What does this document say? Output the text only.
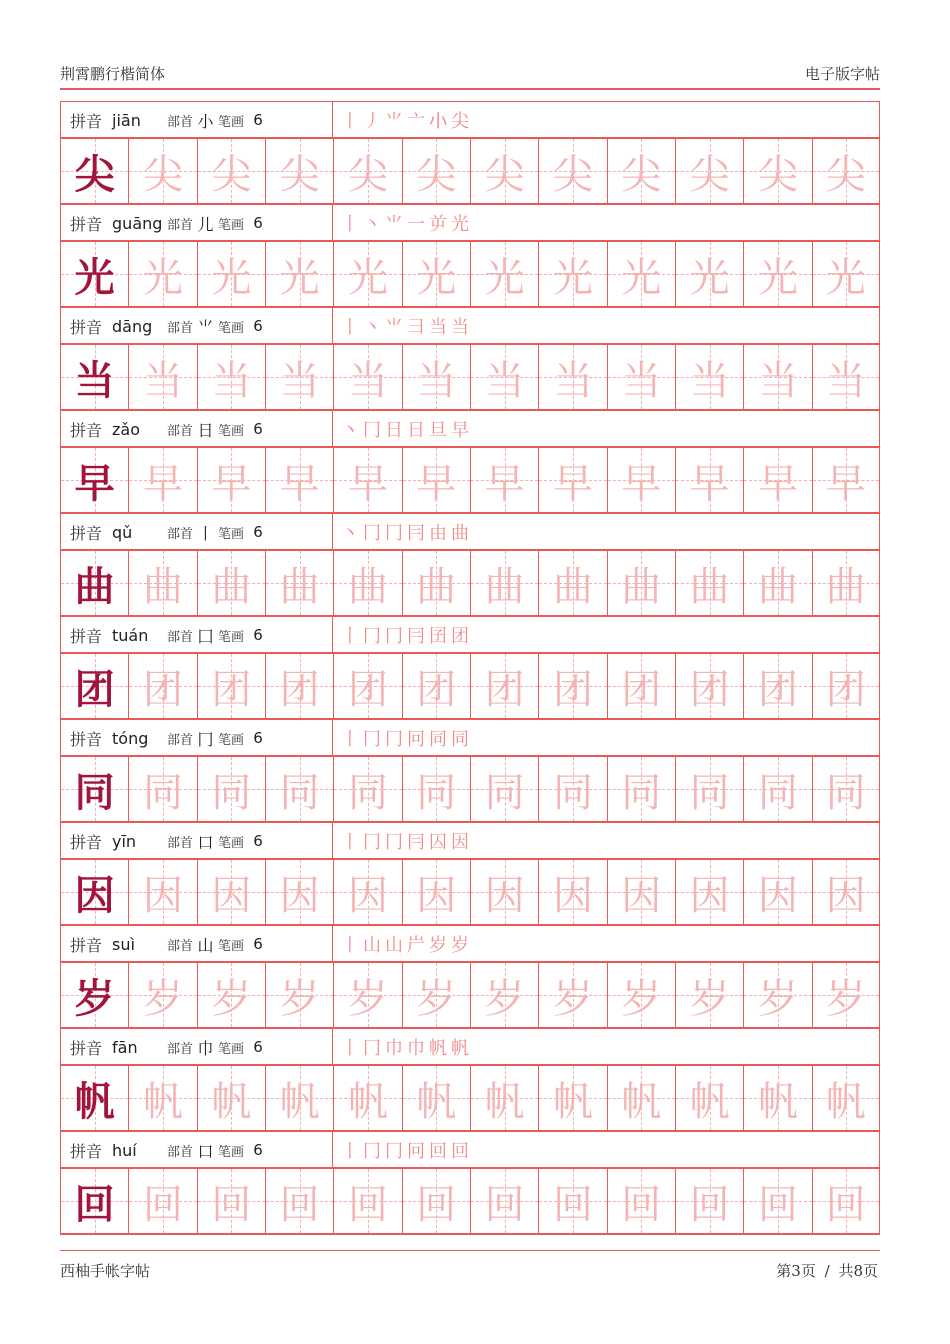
荆霄鹏行楷简体	电子版字帖
拼音 jiān	部首 小 笔画 6	丨丿⺌亠𡭔尖
尖 尖 尖 尖 尖 尖 尖 尖 尖 尖 尖 尖
拼音 guāng 部首 儿 笔画 6	丨丶⺌一屰光
光 光 光 光 光 光 光 光 光 光 光 光
拼音 dāng	部首 ⺌ 笔画 6	丨丶⺌彐当当
当 当 当 当 当 当 当 当 当 当 当 当
拼音 zǎo	部首 日 笔画 6	丶冂日日旦早
早 早 早 早 早 早 早 早 早 早 早 早
拼音 qǔ	部首 丨 笔画 6	丶冂冂冃由曲
曲 曲 曲 曲 曲 曲 曲 曲 曲 曲 曲 曲
拼音 tuán	部首 囗 笔画 6	丨冂冂冃囝团
团 团 团 团 团 团 团 团 团 团 团 团
拼音 tóng	部首 冂 笔画 6	丨冂冂冋同同
同 同 同 同 同 同 同 同 同 同 同 同
拼音 yīn	部首 口 笔画 6	丨冂冂冃囚因
因 因 因 因 因 因 因 因 因 因 因 因
拼音 suì	部首 山 笔画 6	丨山山屵岁岁
岁 岁 岁 岁 岁 岁 岁 岁 岁 岁 岁 岁
拼音 fān	部首 巾 笔画 6	丨冂巾巾帆帆
帆 帆 帆 帆 帆 帆 帆 帆 帆 帆 帆 帆
拼音 huí	部首 口 笔画 6	丨冂冂冋回回
回 回 回 回 回 回 回 回 回 回 回 回
西柚手帐字帖	第3页 / 共8页
